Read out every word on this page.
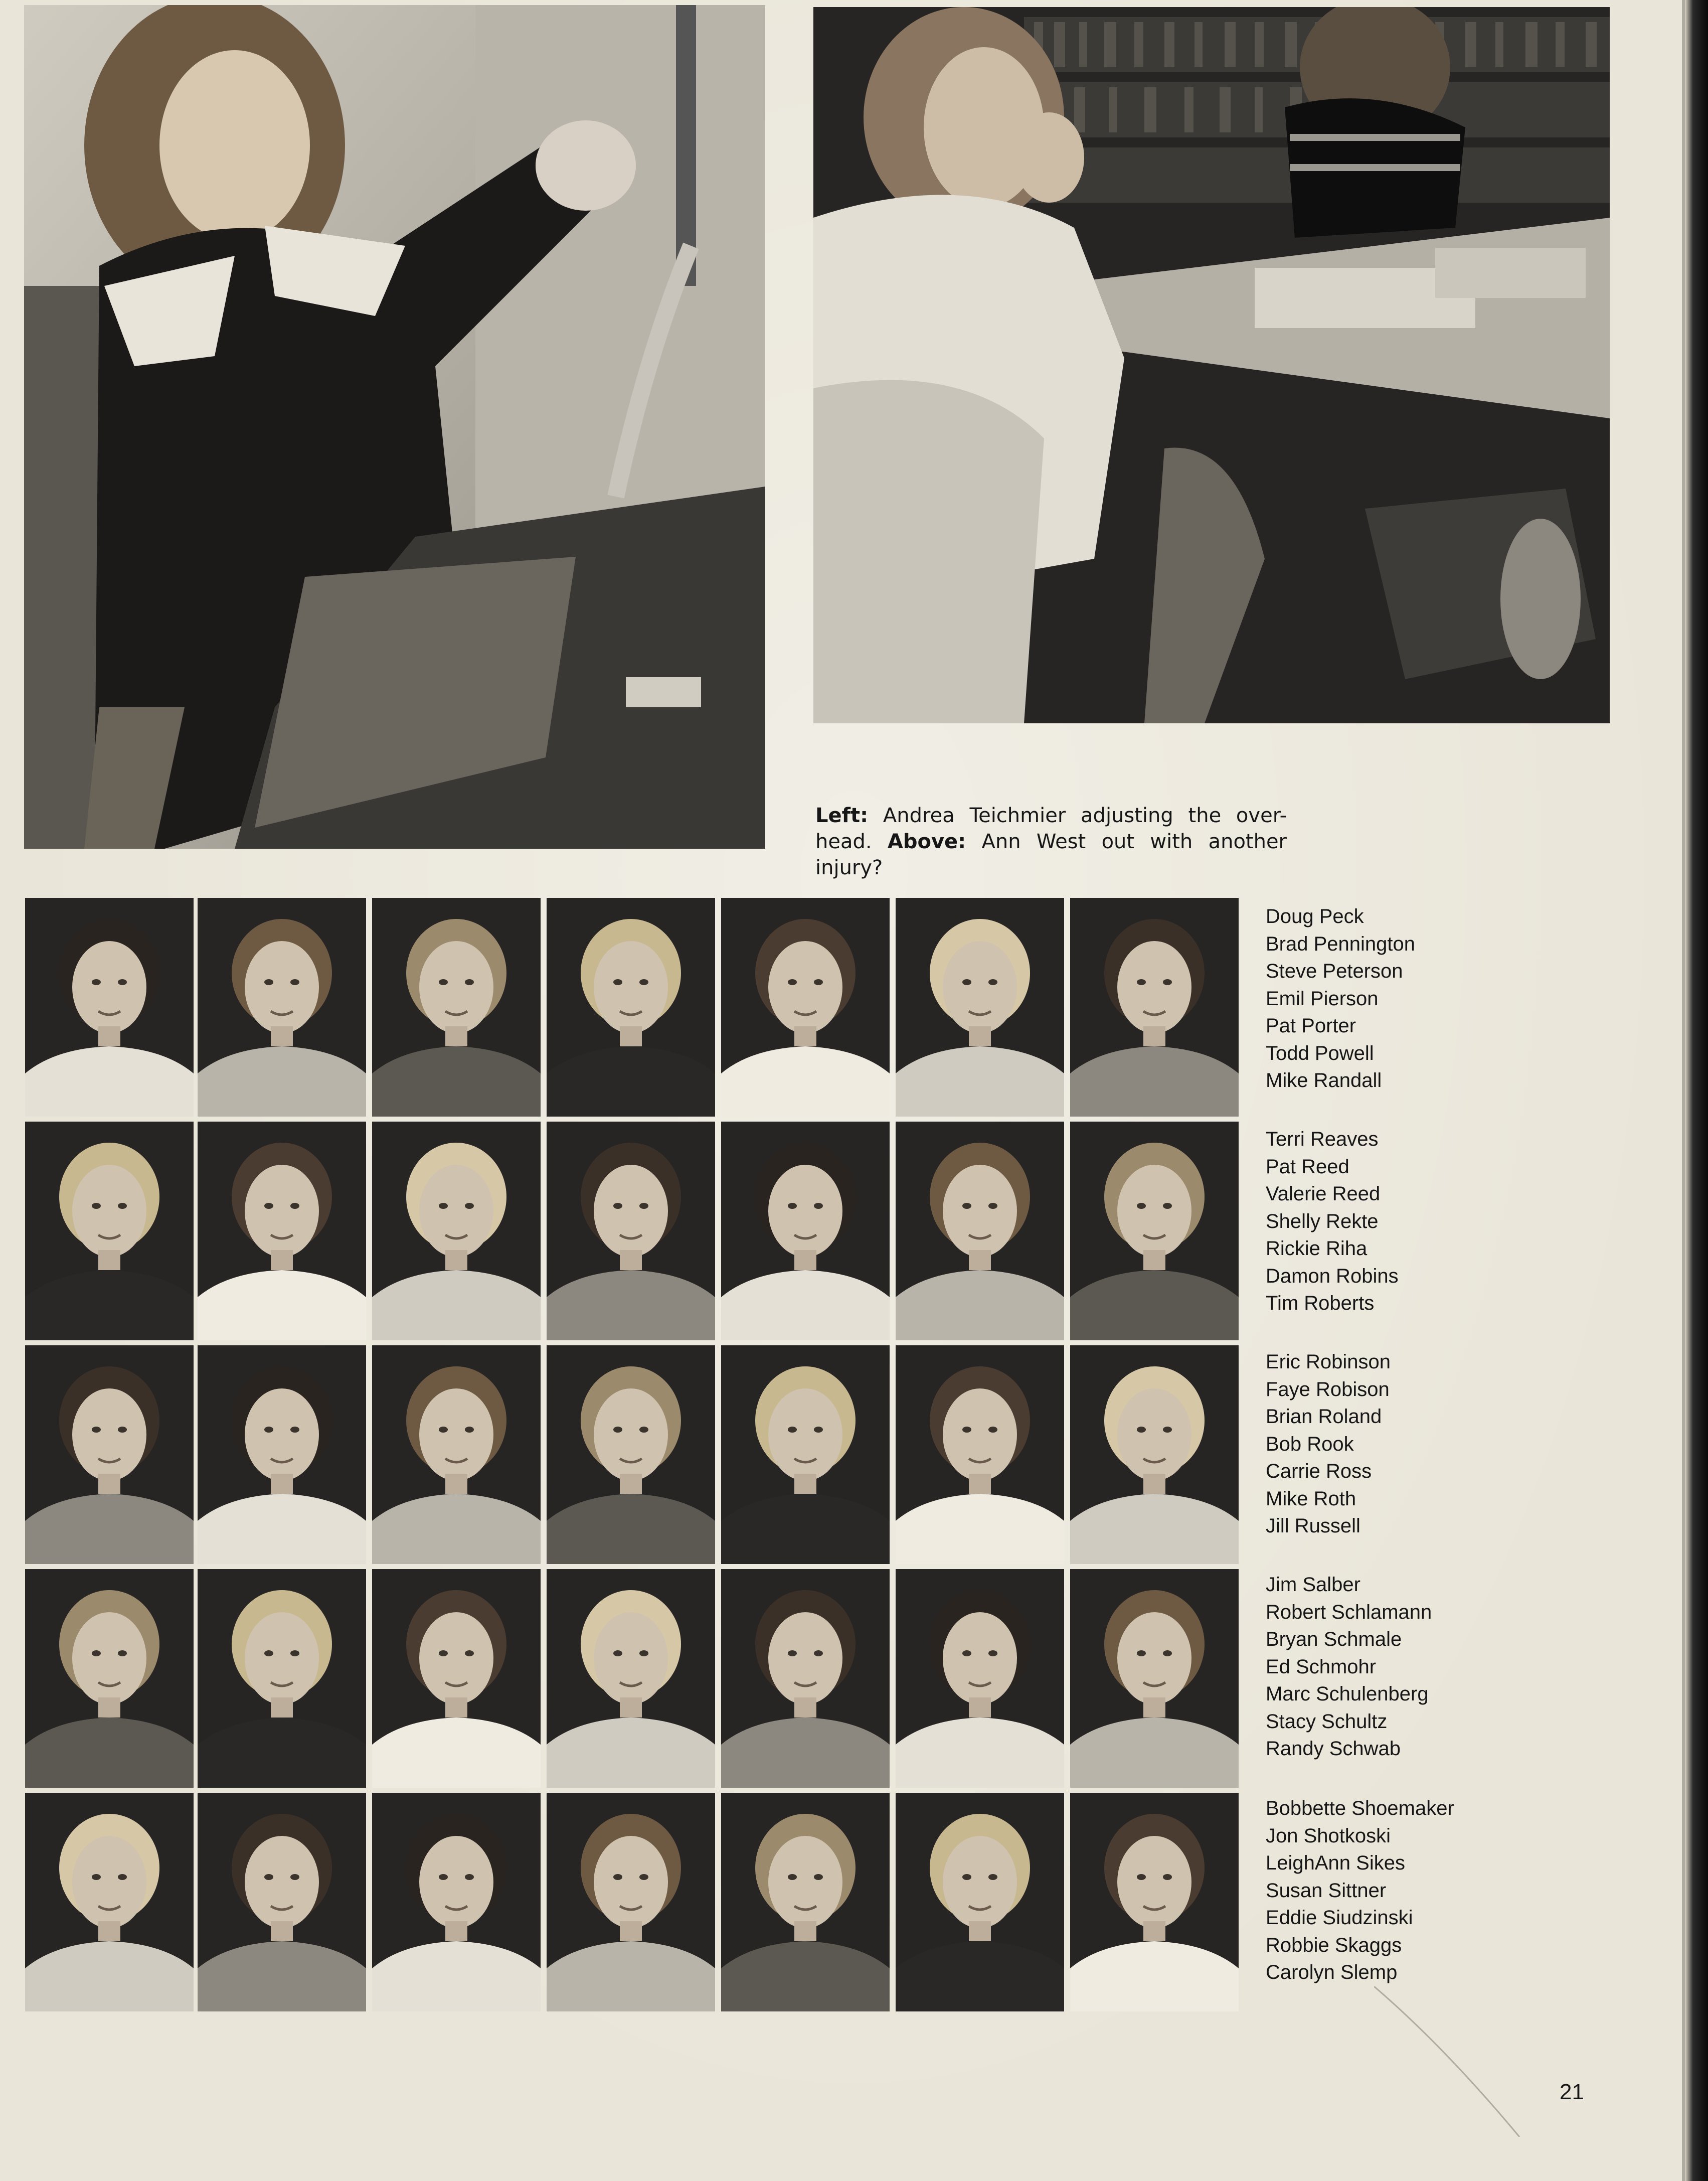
Left: Andrea Teichmier adjusting the over-head. Above: Ann West out with another injury?

Doug Peck
Brad Pennington
Steve Peterson
Emil Pierson
Pat Porter
Todd Powell
Mike Randall
Terri Reaves
Pat Reed
Valerie Reed
Shelly Rekte
Rickie Riha
Damon Robins
Tim Roberts
Eric Robinson
Faye Robison
Brian Roland
Bob Rook
Carrie Ross
Mike Roth
Jill Russell
Jim Salber
Robert Schlamann
Bryan Schmale
Ed Schmohr
Marc Schulenberg
Stacy Schultz
Randy Schwab
Bobbette Shoemaker
Jon Shotkoski
LeighAnn Sikes
Susan Sittner
Eddie Siudzinski
Robbie Skaggs
Carolyn Slemp
21
